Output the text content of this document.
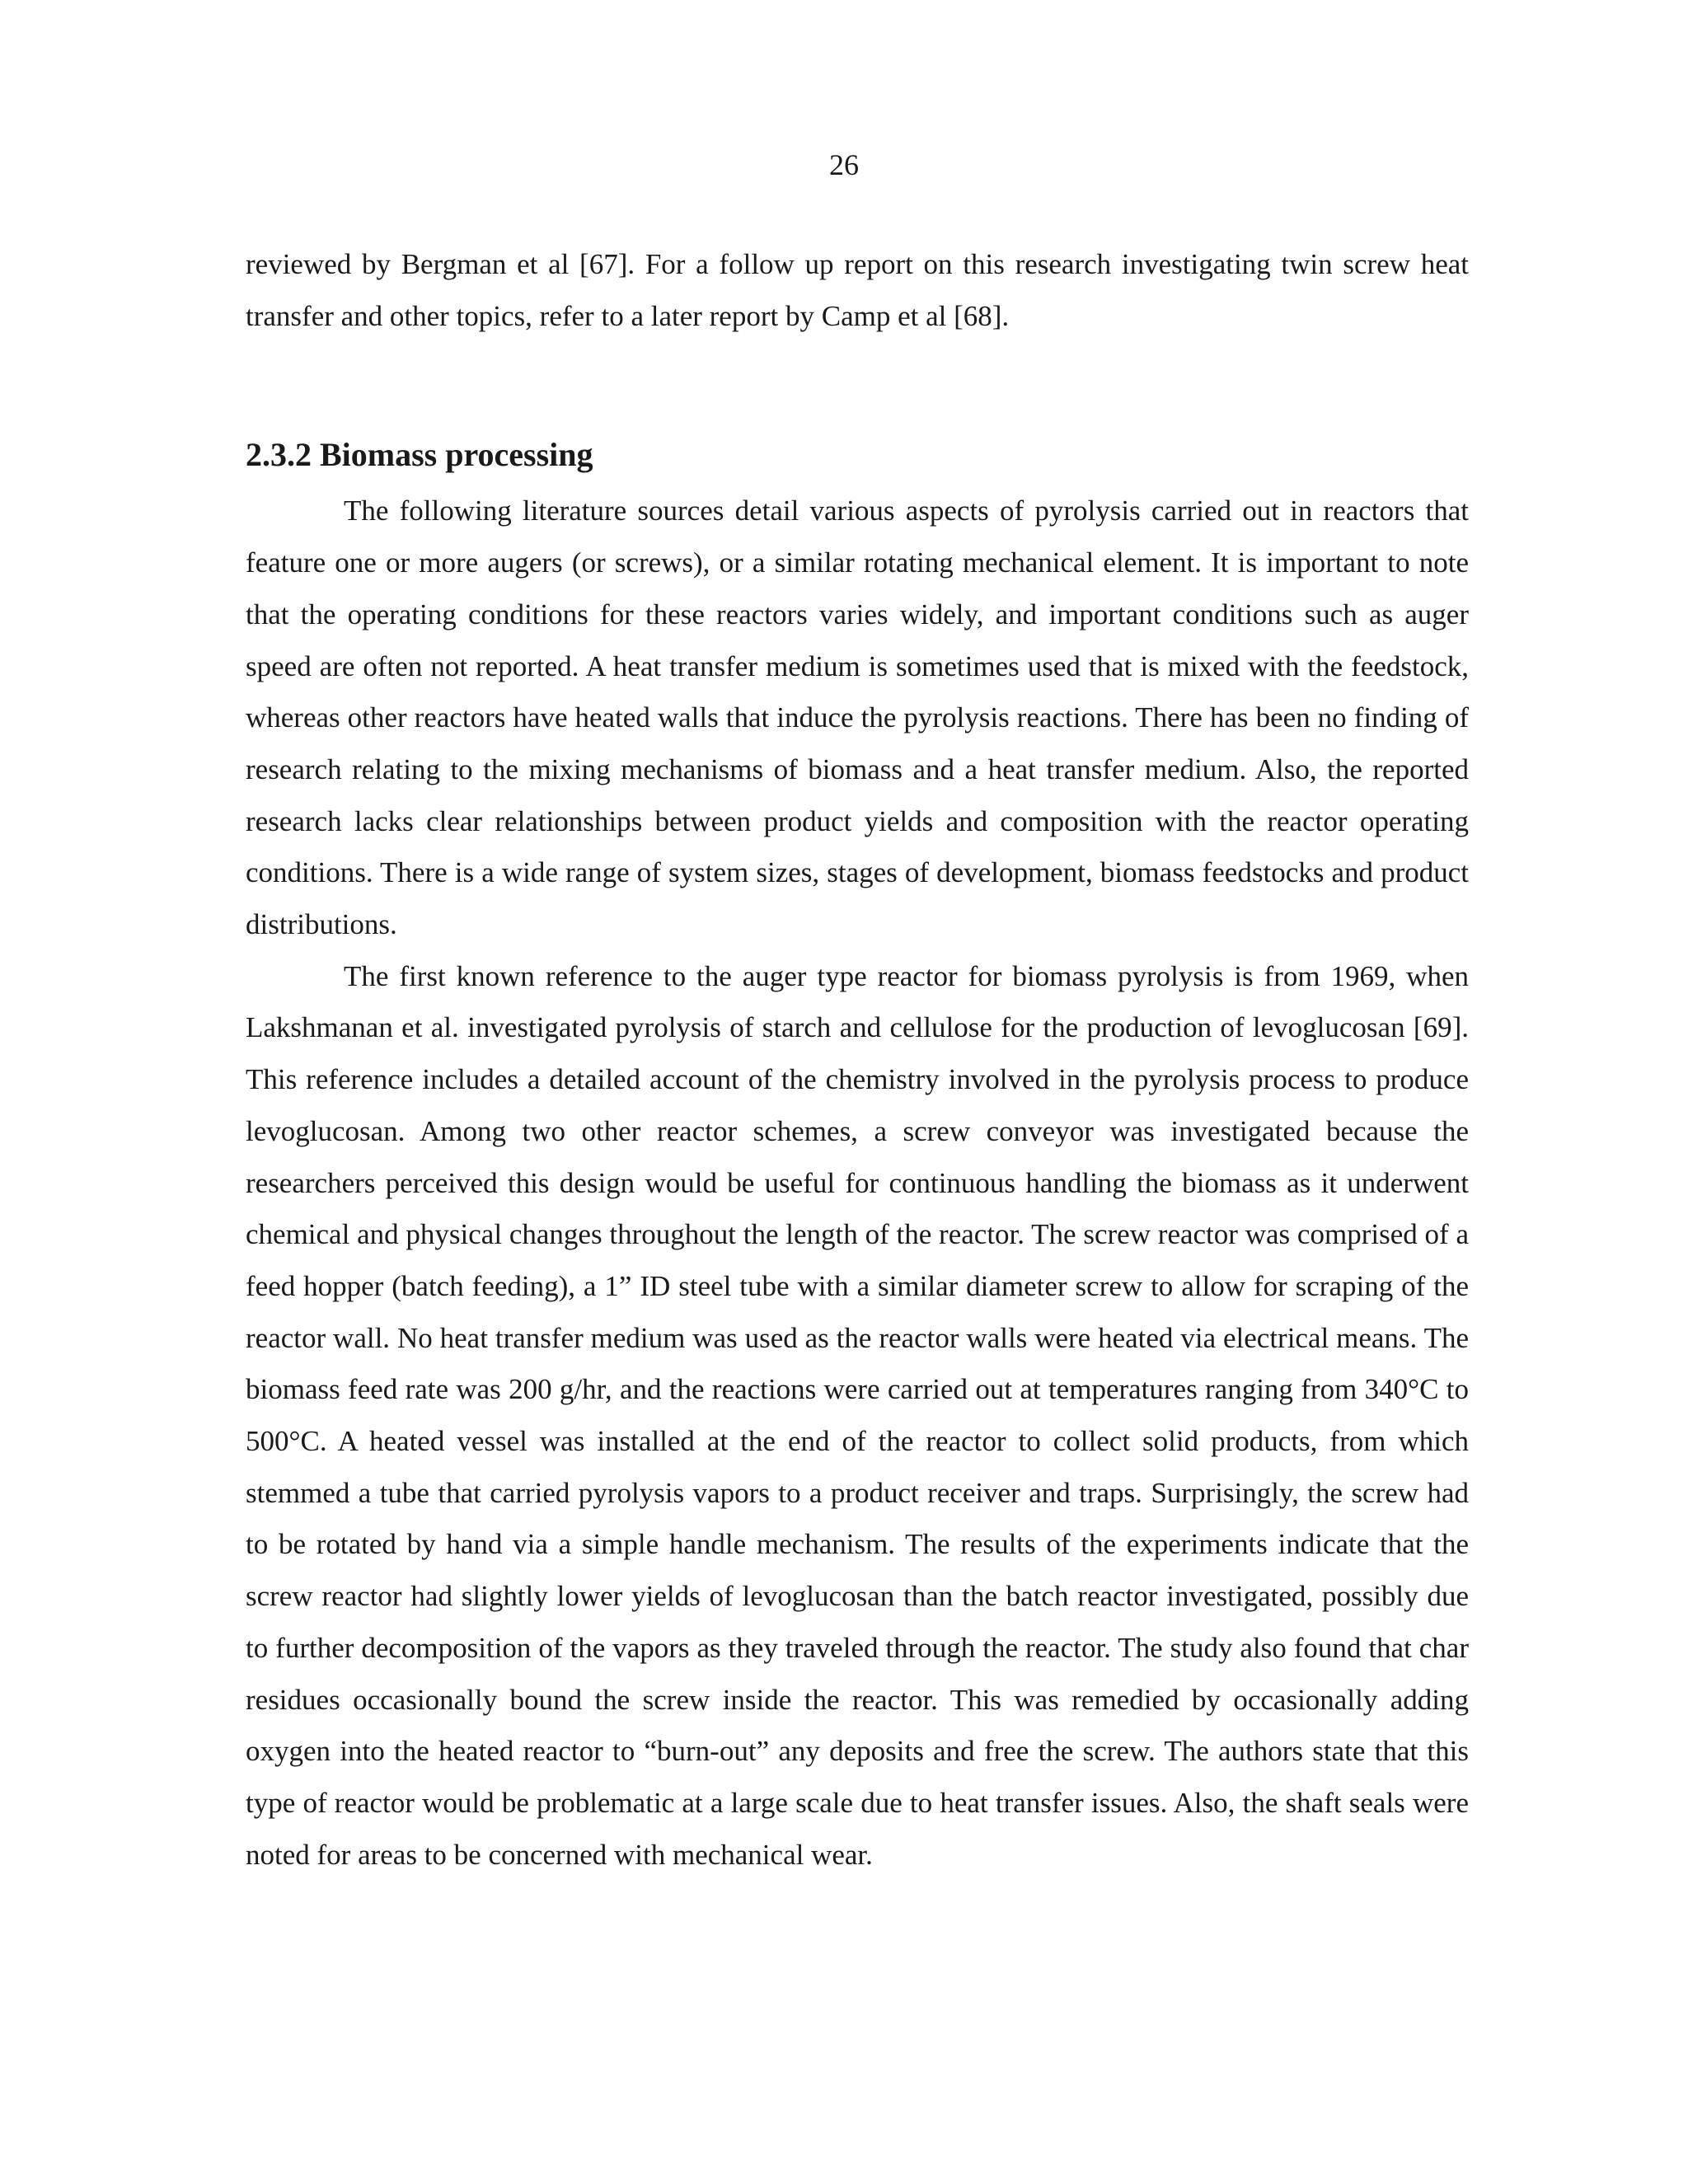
26

reviewed by Bergman et al [67]. For a follow up report on this research investigating twin screw heat transfer and other topics, refer to a later report by Camp et al [68].

2.3.2 Biomass processing

The following literature sources detail various aspects of pyrolysis carried out in reactors that feature one or more augers (or screws), or a similar rotating mechanical element. It is important to note that the operating conditions for these reactors varies widely, and important conditions such as auger speed are often not reported. A heat transfer medium is sometimes used that is mixed with the feedstock, whereas other reactors have heated walls that induce the pyrolysis reactions. There has been no finding of research relating to the mixing mechanisms of biomass and a heat transfer medium. Also, the reported research lacks clear relationships between product yields and composition with the reactor operating conditions. There is a wide range of system sizes, stages of development, biomass feedstocks and product distributions.

The first known reference to the auger type reactor for biomass pyrolysis is from 1969, when Lakshmanan et al. investigated pyrolysis of starch and cellulose for the production of levoglucosan [69]. This reference includes a detailed account of the chemistry involved in the pyrolysis process to produce levoglucosan. Among two other reactor schemes, a screw conveyor was investigated because the researchers perceived this design would be useful for continuous handling the biomass as it underwent chemical and physical changes throughout the length of the reactor. The screw reactor was comprised of a feed hopper (batch feeding), a 1” ID steel tube with a similar diameter screw to allow for scraping of the reactor wall. No heat transfer medium was used as the reactor walls were heated via electrical means. The biomass feed rate was 200 g/hr, and the reactions were carried out at temperatures ranging from 340°C to 500°C. A heated vessel was installed at the end of the reactor to collect solid products, from which stemmed a tube that carried pyrolysis vapors to a product receiver and traps. Surprisingly, the screw had to be rotated by hand via a simple handle mechanism. The results of the experiments indicate that the screw reactor had slightly lower yields of levoglucosan than the batch reactor investigated, possibly due to further decomposition of the vapors as they traveled through the reactor. The study also found that char residues occasionally bound the screw inside the reactor. This was remedied by occasionally adding oxygen into the heated reactor to “burn-out” any deposits and free the screw. The authors state that this type of reactor would be problematic at a large scale due to heat transfer issues. Also, the shaft seals were noted for areas to be concerned with mechanical wear.
